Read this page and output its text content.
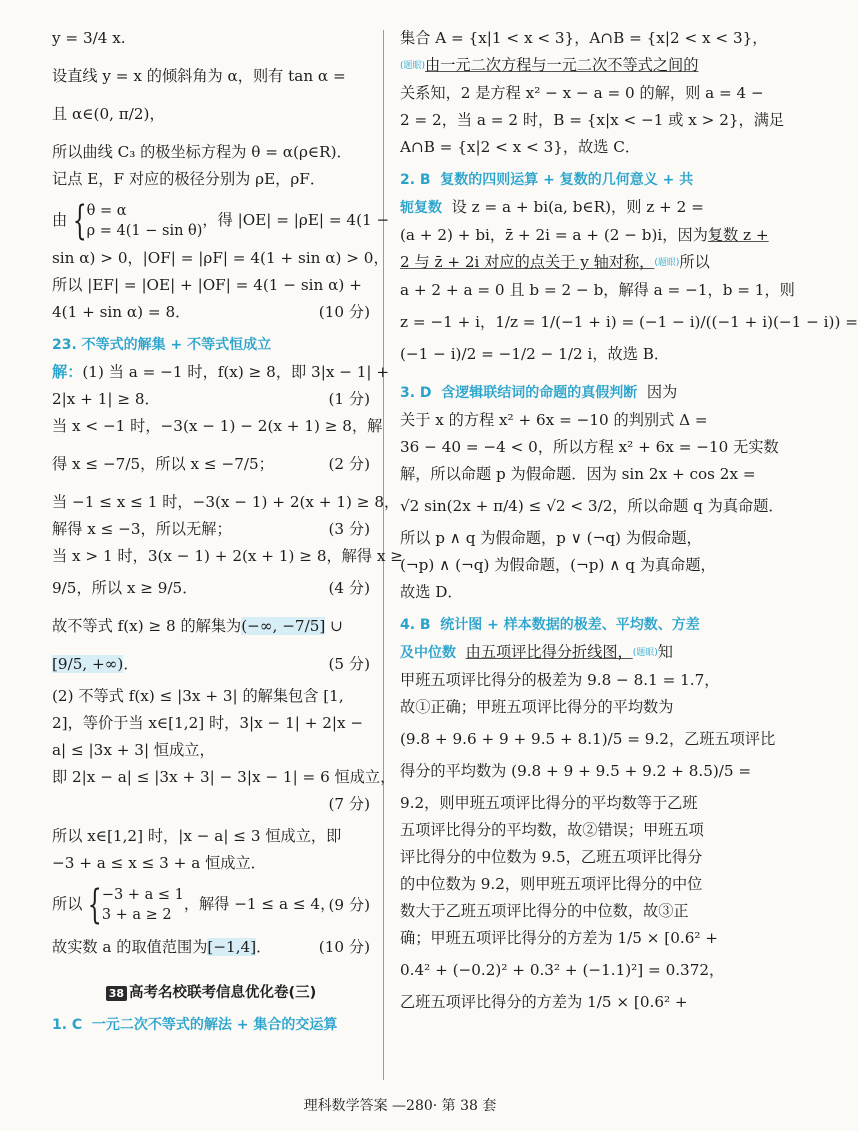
y = 3/4 x.
设直线 y = x 的倾斜角为 α，则有 tan α =
且 α∈(0, π/2)，
所以曲线 C₃ 的极坐标方程为 θ = α(ρ∈R)．
记点 E，F 对应的极径分别为 ρE，ρF．
由 {θ = α
ρ = 4(1 − sin θ)，得 |OE| = |ρE| = 4(1 −
sin α) > 0，|OF| = |ρF| = 4(1 + sin α) > 0，
所以 |EF| = |OE| + |OF| = 4(1 − sin α) +
4(1 + sin α) = 8．	(10 分)
23. 不等式的解集 + 不等式恒成立
解：(1) 当 a = −1 时，f(x) ≥ 8，即 3|x − 1| +
2|x + 1| ≥ 8．	(1 分)
当 x < −1 时，−3(x − 1) − 2(x + 1) ≥ 8，解
得 x ≤ −7/5，所以 x ≤ −7/5；	(2 分)
当 −1 ≤ x ≤ 1 时，−3(x − 1) + 2(x + 1) ≥ 8，
解得 x ≤ −3，所以无解；	(3 分)
当 x > 1 时，3(x − 1) + 2(x + 1) ≥ 8，解得 x ≥
9/5，所以 x ≥ 9/5．	(4 分)
故不等式 f(x) ≥ 8 的解集为(−∞, −7/5] ∪
[9/5, +∞)．	(5 分)
(2) 不等式 f(x) ≤ |3x + 3| 的解集包含 [1,
2]，等价于当 x∈[1,2] 时，3|x − 1| + 2|x −
a| ≤ |3x + 3| 恒成立，
即 2|x − a| ≤ |3x + 3| − 3|x − 1| = 6 恒成立，
(7 分)

所以 x∈[1,2] 时，|x − a| ≤ 3 恒成立，即
−3 + a ≤ x ≤ 3 + a 恒成立．
所以 {−3 + a ≤ 1
3 + a ≥ 2，解得 −1 ≤ a ≤ 4，
(9 分)
故实数 a 的取值范围为[−1,4]．	(10 分)
38 高考名校联考信息优化卷(三)
1. C 一元二次不等式的解法 + 集合的交运算
集合 A = {x|1 < x < 3}，A∩B = {x|2 < x < 3}，
(题眼)由一元二次方程与一元二次不等式之间的
关系知，2 是方程 x² − x − a = 0 的解，则 a = 4 −
2 = 2，当 a = 2 时，B = {x|x < −1 或 x > 2}，满足
A∩B = {x|2 < x < 3}，故选 C．
2. B 复数的四则运算 + 复数的几何意义 + 共
轭复数 设 z = a + bi(a, b∈R)，则 z + 2 =
(a + 2) + bi，z̄ + 2i = a + (2 − b)i，因为复数 z +
2 与 z̄ + 2i 对应的点关于 y 轴对称，(题眼)所以
a + 2 + a = 0 且 b = 2 − b，解得 a = −1，b = 1，则
z = −1 + i，1/z = 1/(−1 + i) = (−1 − i)/((−1 + i)(−1 − i)) =
(−1 − i)/2 = −1/2 − 1/2 i，故选 B．
3. D 含逻辑联结词的命题的真假判断 因为
关于 x 的方程 x² + 6x = −10 的判别式 Δ =
36 − 40 = −4 < 0，所以方程 x² + 6x = −10 无实数
解，所以命题 p 为假命题．因为 sin 2x + cos 2x =
√2 sin(2x + π/4) ≤ √2 < 3/2，所以命题 q 为真命题．
所以 p ∧ q 为假命题，p ∨ (¬q) 为假命题，
(¬p) ∧ (¬q) 为假命题，(¬p) ∧ q 为真命题，
故选 D．
4. B 统计图 + 样本数据的极差、平均数、方差
及中位数 由五项评比得分折线图，(题眼)知
甲班五项评比得分的极差为 9.8 − 8.1 = 1.7，
故①正确；甲班五项评比得分的平均数为
(9.8 + 9.6 + 9 + 9.5 + 8.1)/5 = 9.2，乙班五项评比
得分的平均数为 (9.8 + 9 + 9.5 + 9.2 + 8.5)/5 =
9.2，则甲班五项评比得分的平均数等于乙班
五项评比得分的平均数，故②错误；甲班五项
评比得分的中位数为 9.5，乙班五项评比得分
的中位数为 9.2，则甲班五项评比得分的中位
数大于乙班五项评比得分的中位数，故③正
确；甲班五项评比得分的方差为 1/5 × [0.6² +
0.4² + (−0.2)² + 0.3² + (−1.1)²] = 0.372，
乙班五项评比得分的方差为 1/5 × [0.6² +
理科数学答案 —280· 第 38 套
